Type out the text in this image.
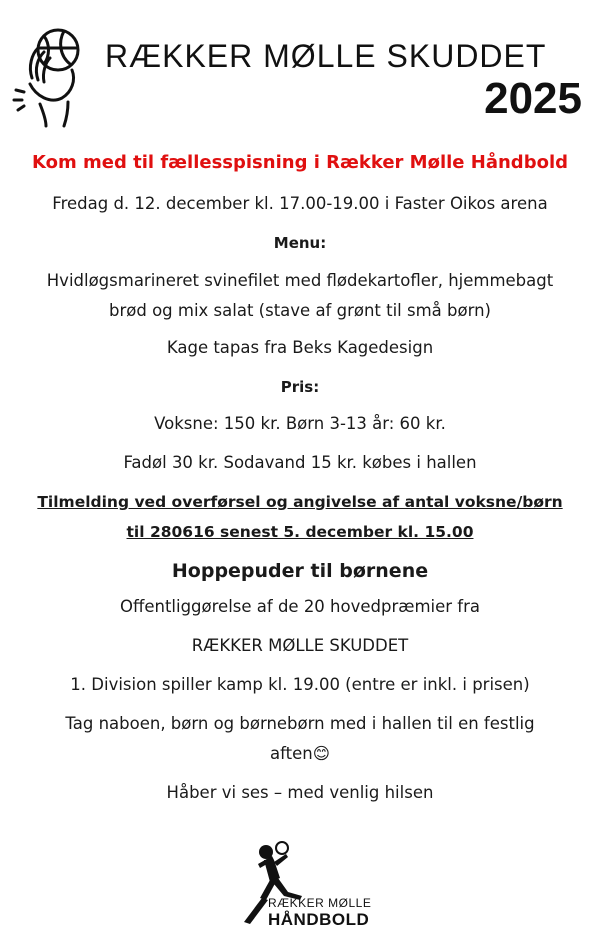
RÆKKER MØLLE SKUDDET
2025
Kom med til fællesspisning i Rækker Mølle Håndbold
Fredag d. 12. december kl. 17.00-19.00 i Faster Oikos arena
Menu:
Hvidløgsmarineret svinefilet med flødekartofler, hjemmebagt
brød og mix salat (stave af grønt til små børn)
Kage tapas fra Beks Kagedesign
Pris:
Voksne: 150 kr. Børn 3-13 år: 60 kr.
Fadøl 30 kr. Sodavand 15 kr. købes i hallen
Tilmelding ved overførsel og angivelse af antal voksne/børn
til 280616 senest 5. december kl. 15.00
Hoppepuder til børnene
Offentliggørelse af de 20 hovedpræmier fra
RÆKKER MØLLE SKUDDET
1. Division spiller kamp kl. 19.00 (entre er inkl. i prisen)
Tag naboen, børn og børnebørn med i hallen til en festlig
aften😊
Håber vi ses – med venlig hilsen
RÆKKER MØLLE
HÅNDBOLD
